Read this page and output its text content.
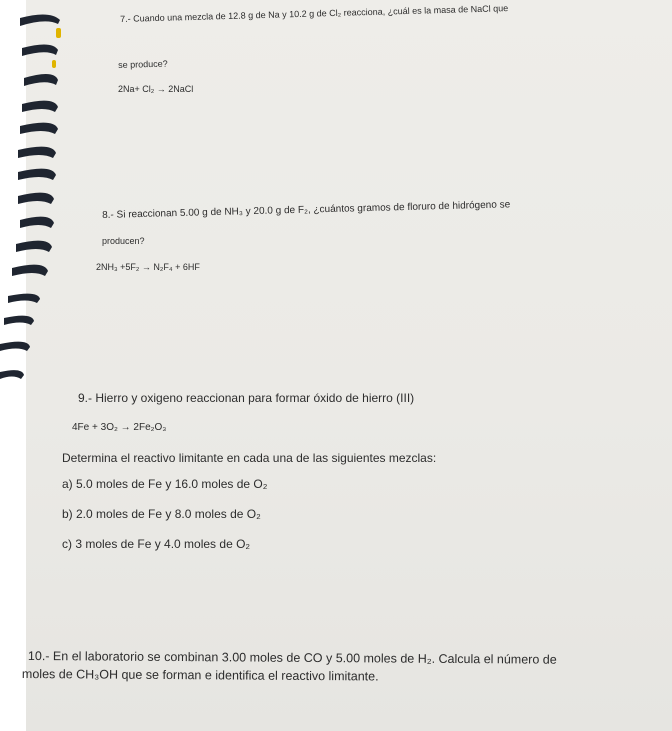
7.- Cuando una mezcla de 12.8 g de Na y 10.2 g de Cl₂ reacciona, ¿cuál es la masa de NaCl que
se produce?
2Na+ Cl₂ → 2NaCl
8.- Si reaccionan 5.00 g de NH₃ y 20.0 g de F₂, ¿cuántos gramos de floruro de hidrógeno se
producen?
2NH₃ +5F₂ → N₂F₄ + 6HF
9.- Hierro y oxigeno reaccionan para formar óxido de hierro (III)
4Fe + 3O₂ → 2Fe₂O₃
Determina el reactivo limitante en cada una de las siguientes mezclas:
a) 5.0 moles de Fe y 16.0 moles de O₂
b) 2.0 moles de Fe y 8.0 moles de O₂
c) 3 moles de Fe y 4.0 moles de O₂
10.- En el laboratorio se combinan 3.00 moles de CO y 5.00 moles de H₂. Calcula el número de
moles de CH₃OH que se forman e identifica el reactivo limitante.
